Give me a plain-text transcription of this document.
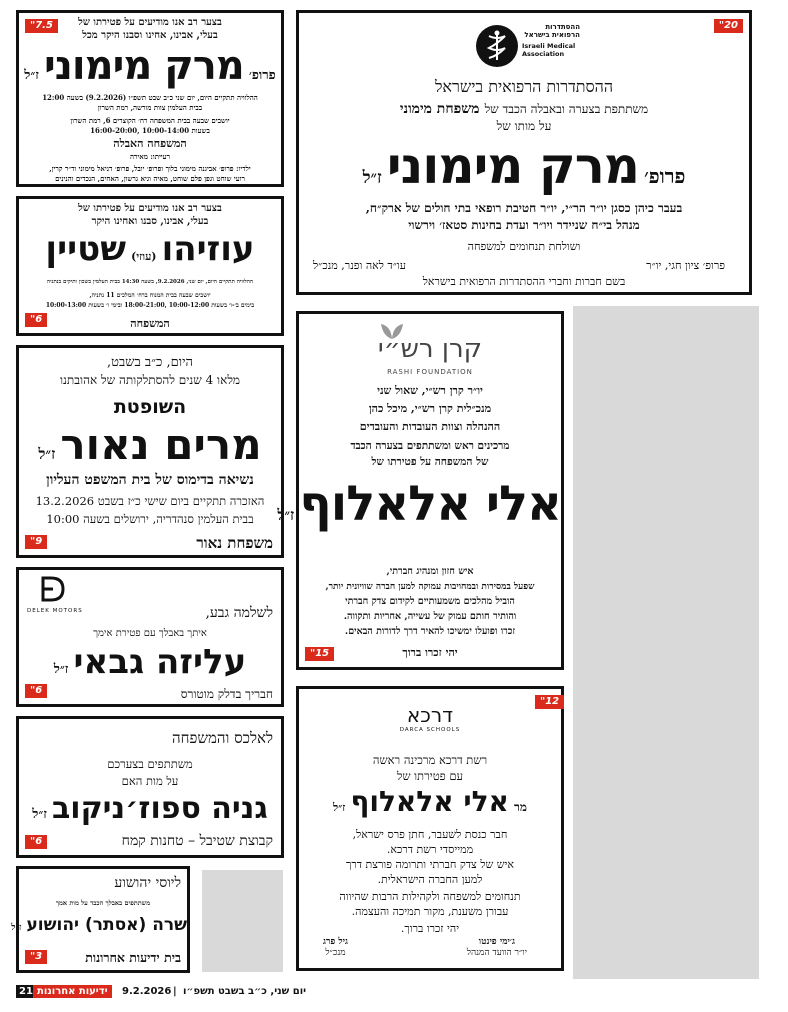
7.5"	בצער רב אנו מודיעים על פטירתו של
בעלי, אבינו, אחינו וסבנו היקר מכל
פרופ׳ מרק מימוני ז״ל
ההלוויה תתקיים היום, יום שני כ״ב שבט תשפ״ו (9.2.2026) בשעה 12:00
בבית העלמין צוות מורשה, רמת השרון
יושבים שבעה בבית המשפחה רח׳ הקוצרים 6, רמת השרון
בשעות 10:00-14:00 ,16:00-20:00
המשפחה האבלה
רעייתו: מאירה
ילדיו: פרופ׳ אביגנה מימוני בלוך ופרופ׳ יובל, פרופ׳ דניאל מימוני וד״ר קרין,
רועי שוחט וגפן פלם שוחט, מאיה וגיא גרשון, האחים, הנכדים והנינים
20"
ההסתדרות
הרפואית בישראל
Israeli Medical
Association
ההסתדרות הרפואית בישראל
משתתפת בצערה ובאבלה הכבד של משפחת מימוני
על מותו של
פרופ׳ מרק מימוני ז״ל
בעבר כיהן כסגן יו״ר הר״י, יו״ר חטיבת רופאי בתי חולים של ארק״ח,
מנהל בי״ח שניידר ויו״ר ועדת בחינות סטאז׳ וירשוי
ושולחת תנחומים למשפחה
פרופ׳ ציון חגי, יו״ר
עו״ד לאה ופנר, מנכ״ל
בשם חברות וחברי ההסתדרות הרפואית בישראל
6"
בצער רב אנו מודיעים על פטירתו של
בעלי, אבינו, סבנו ואחינו היקר
עוזיהו (עוזי) שטיין
ההלוויה תתקיים היום, יום שני, 9.2.2026, בשעה 14:30 בבית העלמין בשכון ותיקים בנתניה
יושבים שבעה בבית המנוח ברח׳ המלכים 11 נתניה,
בימים ב׳-ו׳ בשעות 10:00-12:00 ,18:00-21:00 ובימי ו׳ בשעות 10:00-13:00
המשפחה
9"
היום, כ״ב בשבט,
מלאו 4 שנים להסתלקותה של אהובתנו
השופטת
מרים נאור ז״ל
נשיאה בדימוס של בית המשפט העליון
האזכרה תתקיים ביום שישי כ״ז בשבט 13.2.2026
בבית העלמין סנהדריה, ירושלים בשעה 10:00
משפחת נאור
6"
DELEK MOTORS	לשלמה גבע,
איתך באבלך עם פטירת אימך
עליזה גבאי ז״ל
חבריך בדלק מוטורס
6"
לאלכס והמשפחה
משתתפים בצערכם
על מות האם
גניה ספוז׳ניקוב ז״ל
קבוצת שטיבל – טחנות קמח
3"
ליוסי יהושוע
משתתפים באבלך הכבד על מות אמך
שרה (אסתר) יהושוע ז״ל
בית ידיעות אחרונות
15"
קרן רש״י
RASHI FOUNDATION
יו״ר קרן רש״י, שאול שני
מנכ״לית קרן רש״י, מיכל כהן
ההנהלה וצוות העובדות והעובדים
מרכינים ראש ומשתתפים בצערה הכבד
של המשפחה על פטירתו של
אלי אלאלוף ז״ל
איש חזון ומנהיג חברתי,
שפעל במסירות ובמחויבות עמוקה למען חברה שוויונית יותר,
הוביל מהלכים משמעותיים לקידום צדק חברתי
והותיר חותם עמוק של עשייה, אחריות ותקווה.
זכרו ופועלו ימשיכו להאיר דרך לדורות הבאים.
יהי זכרו ברוך
12"
דרכא
DARCA SCHOOLS
רשת דרכא מרכינה ראשה
עם פטירתו של
מר אלי אלאלוף ז״ל
חבר כנסת לשעבר, חתן פרס ישראל,
ממייסדי רשת דרכא.
איש של צדק חברתי ותרומה פורצת דרך
למען החברה הישראלית.
תנחומים למשפחה ולקהילות הרבות שהיווה
עבורן משענת, מקור תמיכה והעצמה.
יהי זכרו ברוך.
ג׳ימי פינטו
יו״ר הוועד המנהל
גיל פרג
מנכ״ל
21 ידיעות אחרונות	9.2.2026 | יום שני, כ״ב בשבט תשפ״ו
